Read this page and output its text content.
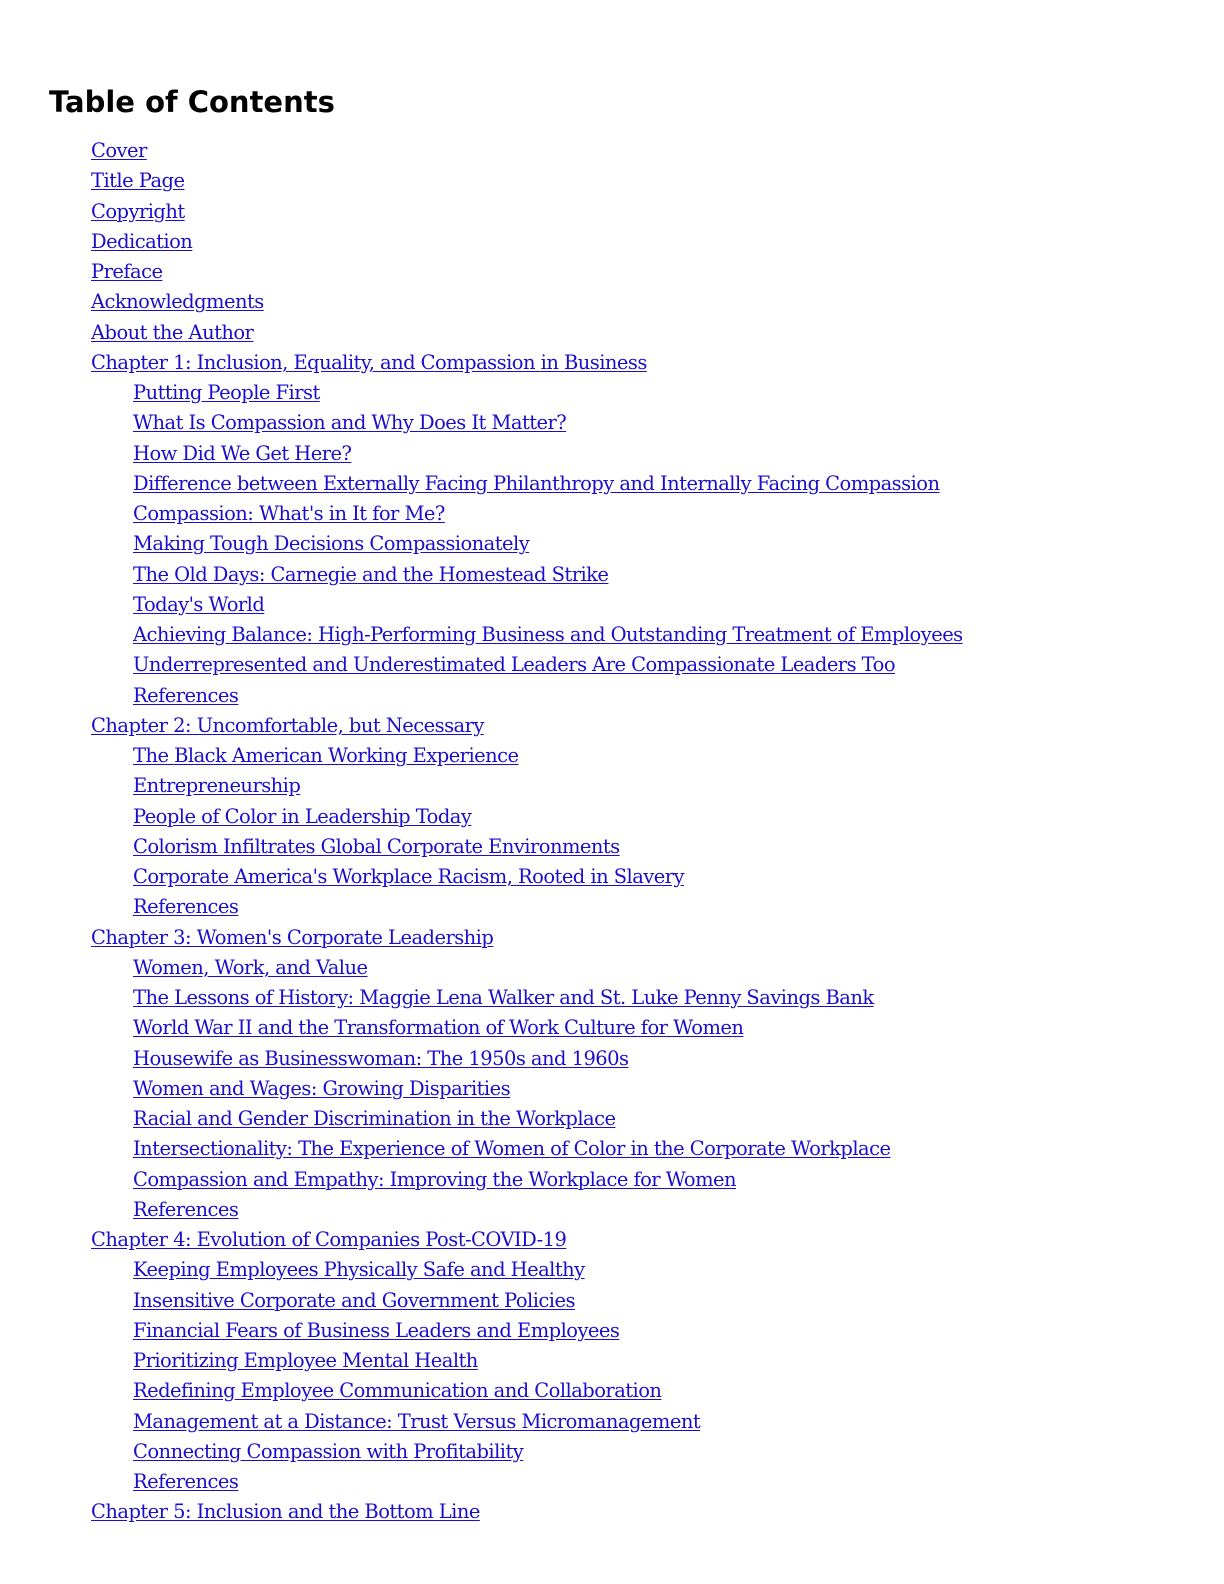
Table of Contents
Cover
Title Page
Copyright
Dedication
Preface
Acknowledgments
About the Author
Chapter 1: Inclusion, Equality, and Compassion in Business
Putting People First
What Is Compassion and Why Does It Matter?
How Did We Get Here?
Difference between Externally Facing Philanthropy and Internally Facing Compassion
Compassion: What's in It for Me?
Making Tough Decisions Compassionately
The Old Days: Carnegie and the Homestead Strike
Today's World
Achieving Balance: High-Performing Business and Outstanding Treatment of Employees
Underrepresented and Underestimated Leaders Are Compassionate Leaders Too
References
Chapter 2: Uncomfortable, but Necessary
The Black American Working Experience
Entrepreneurship
People of Color in Leadership Today
Colorism Infiltrates Global Corporate Environments
Corporate America's Workplace Racism, Rooted in Slavery
References
Chapter 3: Women's Corporate Leadership
Women, Work, and Value
The Lessons of History: Maggie Lena Walker and St. Luke Penny Savings Bank
World War II and the Transformation of Work Culture for Women
Housewife as Businesswoman: The 1950s and 1960s
Women and Wages: Growing Disparities
Racial and Gender Discrimination in the Workplace
Intersectionality: The Experience of Women of Color in the Corporate Workplace
Compassion and Empathy: Improving the Workplace for Women
References
Chapter 4: Evolution of Companies Post-COVID-19
Keeping Employees Physically Safe and Healthy
Insensitive Corporate and Government Policies
Financial Fears of Business Leaders and Employees
Prioritizing Employee Mental Health
Redefining Employee Communication and Collaboration
Management at a Distance: Trust Versus Micromanagement
Connecting Compassion with Profitability
References
Chapter 5: Inclusion and the Bottom Line
